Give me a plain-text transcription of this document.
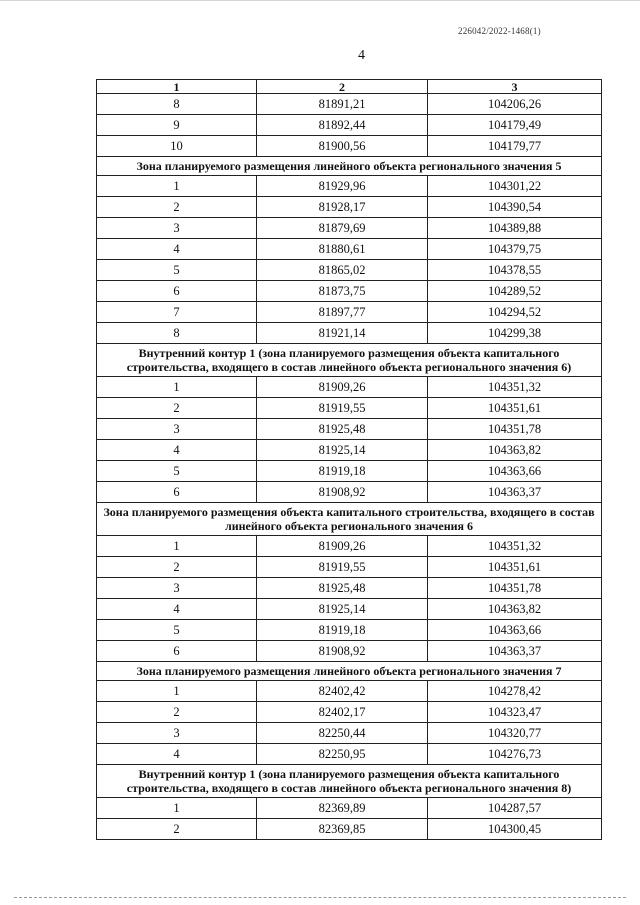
226042/2022-1468(1)
4
1	2	3
8	81891,21	104206,26
9	81892,44	104179,49
10	81900,56	104179,77
Зона планируемого размещения линейного объекта регионального значения 5		
1	81929,96	104301,22
2	81928,17	104390,54
3	81879,69	104389,88
4	81880,61	104379,75
5	81865,02	104378,55
6	81873,75	104289,52
7	81897,77	104294,52
8	81921,14	104299,38
Внутренний контур 1 (зона планируемого размещения объекта капитального строительства, входящего в состав линейного объекта регионального значения 6)		
1	81909,26	104351,32
2	81919,55	104351,61
3	81925,48	104351,78
4	81925,14	104363,82
5	81919,18	104363,66
6	81908,92	104363,37
Зона планируемого размещения объекта капитального строительства, входящего в состав линейного объекта регионального значения 6		
1	81909,26	104351,32
2	81919,55	104351,61
3	81925,48	104351,78
4	81925,14	104363,82
5	81919,18	104363,66
6	81908,92	104363,37
Зона планируемого размещения линейного объекта регионального значения 7		
1	82402,42	104278,42
2	82402,17	104323,47
3	82250,44	104320,77
4	82250,95	104276,73
Внутренний контур 1 (зона планируемого размещения объекта капитального строительства, входящего в состав линейного объекта регионального значения 8)		
1	82369,89	104287,57
2	82369,85	104300,45
